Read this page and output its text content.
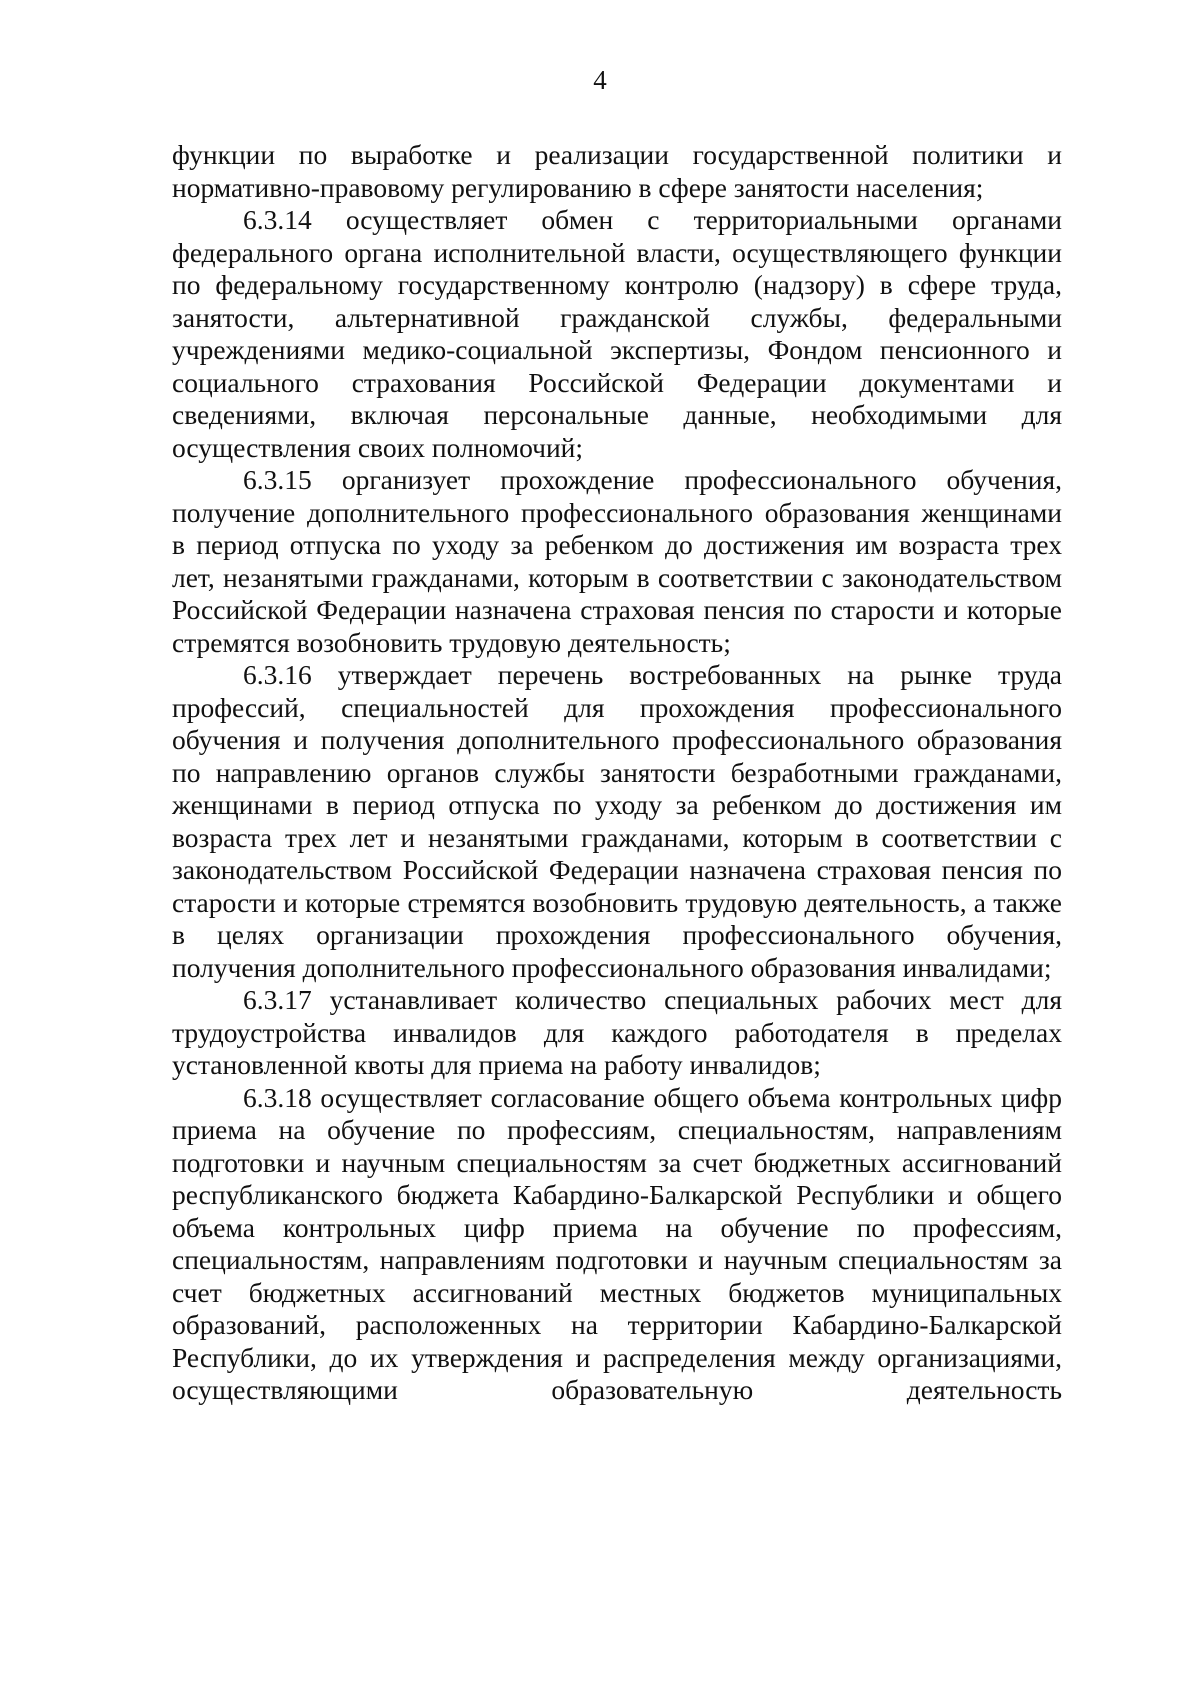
4

функции по выработке и реализации государственной политики и нормативно-правовому регулированию в сфере занятости населения;

6.3.14 осуществляет обмен с территориальными органами федерального органа исполнительной власти, осуществляющего функции по федеральному государственному контролю (надзору) в сфере труда, занятости, альтернативной гражданской службы, федеральными учреждениями медико-социальной экспертизы, Фондом пенсионного и социального страхования Российской Федерации документами и сведениями, включая персональные данные, необходимыми для осуществления своих полномочий;

6.3.15 организует прохождение профессионального обучения, получение дополнительного профессионального образования женщинами в период отпуска по уходу за ребенком до достижения им возраста трех лет, незанятыми гражданами, которым в соответствии с законодательством Российской Федерации назначена страховая пенсия по старости и которые стремятся возобновить трудовую деятельность;

6.3.16 утверждает перечень востребованных на рынке труда профессий, специальностей для прохождения профессионального обучения и получения дополнительного профессионального образования по направлению органов службы занятости безработными гражданами, женщинами в период отпуска по уходу за ребенком до достижения им возраста трех лет и незанятыми гражданами, которым в соответствии с законодательством Российской Федерации назначена страховая пенсия по старости и которые стремятся возобновить трудовую деятельность, а также в целях организации прохождения профессионального обучения, получения дополнительного профессионального образования инвалидами;

6.3.17 устанавливает количество специальных рабочих мест для трудоустройства инвалидов для каждого работодателя в пределах установленной квоты для приема на работу инвалидов;

6.3.18 осуществляет согласование общего объема контрольных цифр приема на обучение по профессиям, специальностям, направлениям подготовки и научным специальностям за счет бюджетных ассигнований республиканского бюджета Кабардино-Балкарской Республики и общего объема контрольных цифр приема на обучение по профессиям, специальностям, направлениям подготовки и научным специальностям за счет бюджетных ассигнований местных бюджетов муниципальных образований, расположенных на территории Кабардино-Балкарской Республики, до их утверждения и распределения между организациями, осуществляющими образовательную деятельность
